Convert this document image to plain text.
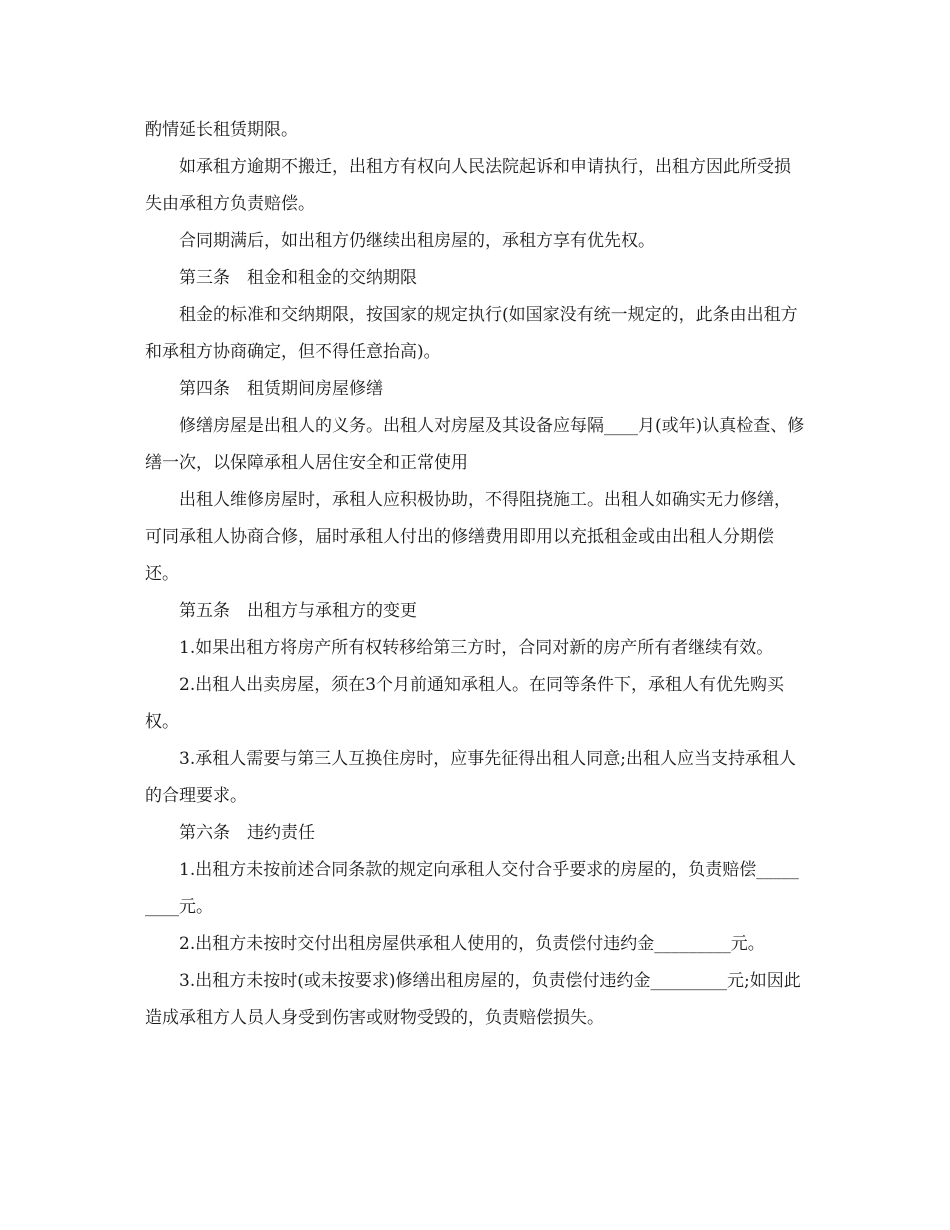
酌情延长租赁期限。

如承租方逾期不搬迁，出租方有权向人民法院起诉和申请执行，出租方因此所受损失由承租方负责赔偿。

合同期满后，如出租方仍继续出租房屋的，承租方享有优先权。

第三条　租金和租金的交纳期限

租金的标准和交纳期限，按国家的规定执行(如国家没有统一规定的，此条由出租方和承租方协商确定，但不得任意抬高)。

第四条　租赁期间房屋修缮

修缮房屋是出租人的义务。出租人对房屋及其设备应每隔____月(或年)认真检查、修缮一次，以保障承租人居住安全和正常使用

出租人维修房屋时，承租人应积极协助，不得阻挠施工。出租人如确实无力修缮，可同承租人协商合修，届时承租人付出的修缮费用即用以充抵租金或由出租人分期偿还。

第五条　出租方与承租方的变更

1.如果出租方将房产所有权转移给第三方时，合同对新的房产所有者继续有效。

2.出租人出卖房屋，须在3个月前通知承租人。在同等条件下，承租人有优先购买权。

3.承租人需要与第三人互换住房时，应事先征得出租人同意;出租人应当支持承租人的合理要求。

第六条　违约责任

1.出租方未按前述合同条款的规定向承租人交付合乎要求的房屋的，负责赔偿_________元。

2.出租方未按时交付出租房屋供承租人使用的，负责偿付违约金_________元。

3.出租方未按时(或未按要求)修缮出租房屋的，负责偿付违约金_________元;如因此造成承租方人员人身受到伤害或财物受毁的，负责赔偿损失。
